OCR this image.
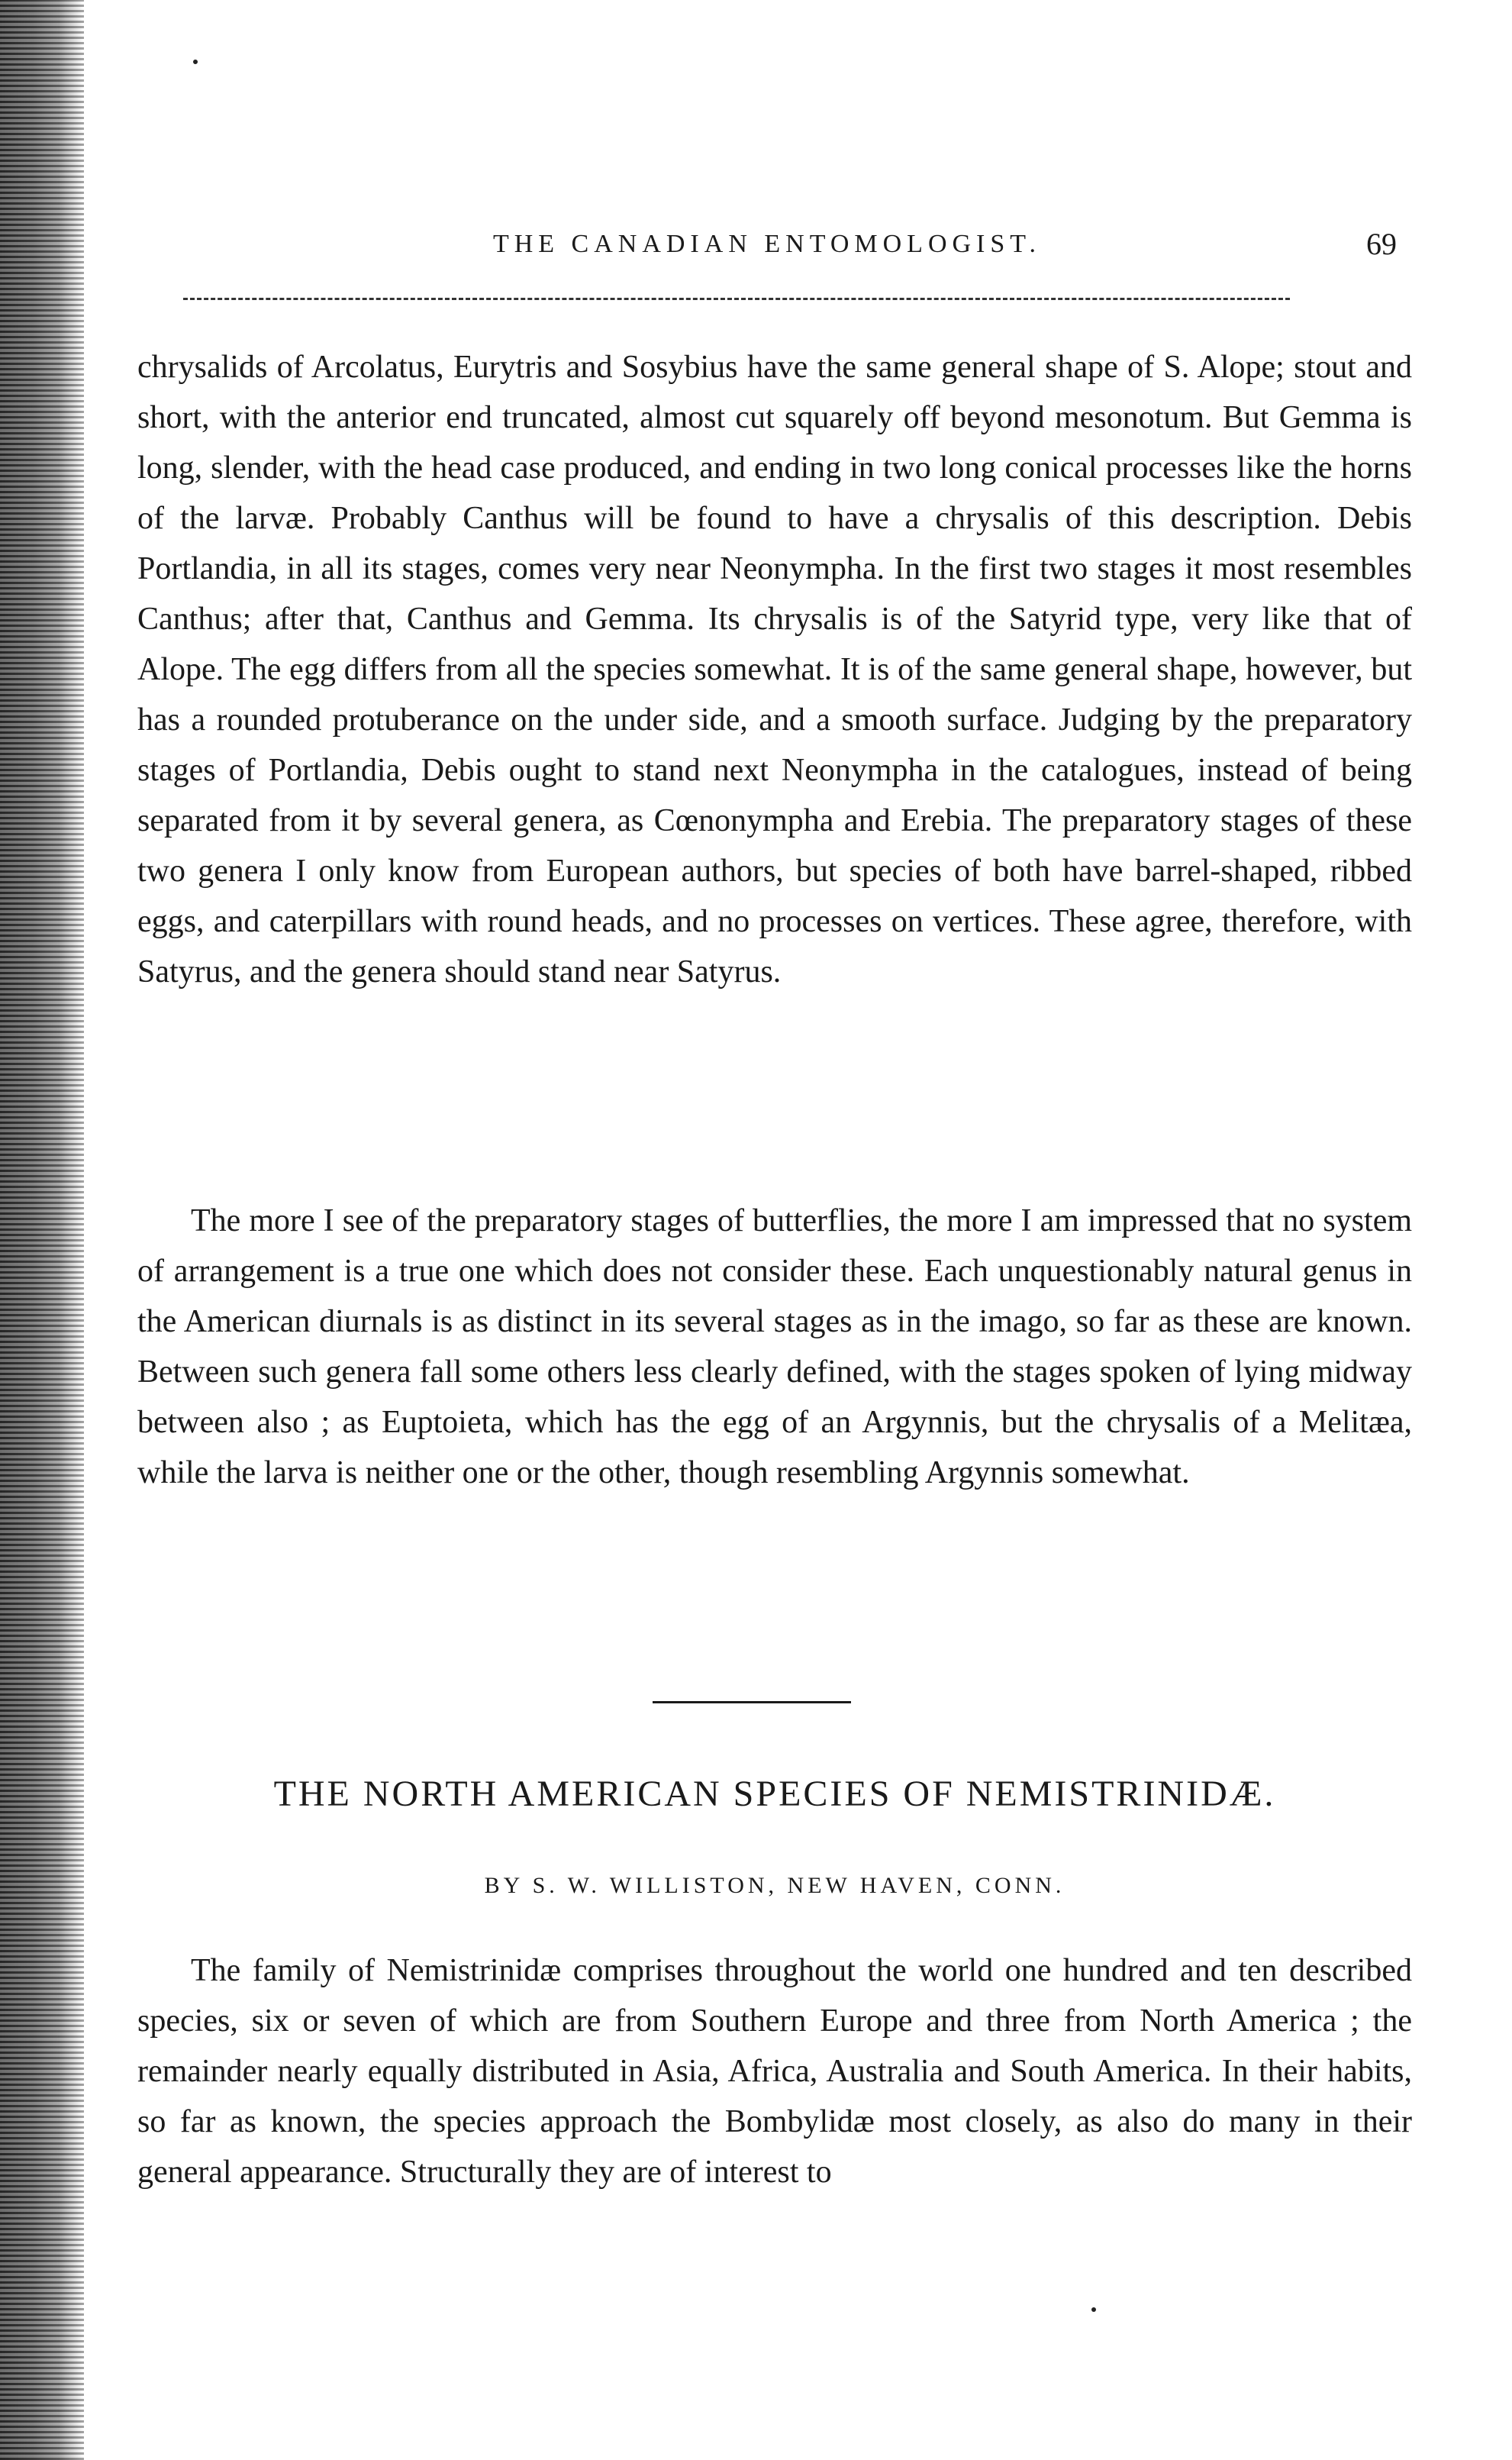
THE CANADIAN ENTOMOLOGIST.	69

chrysalids of Arcolatus, Eurytris and Sosybius have the same general shape of S. Alope; stout and short, with the anterior end truncated, almost cut squarely off beyond mesonotum. But Gemma is long, slender, with the head case produced, and ending in two long conical processes like the horns of the larvæ. Probably Canthus will be found to have a chrysalis of this description. Debis Portlandia, in all its stages, comes very near Neonympha. In the first two stages it most resembles Canthus; after that, Canthus and Gemma. Its chrysalis is of the Satyrid type, very like that of Alope. The egg differs from all the species somewhat. It is of the same general shape, however, but has a rounded protuberance on the under side, and a smooth surface. Judging by the preparatory stages of Portlandia, Debis ought to stand next Neonympha in the catalogues, instead of being separated from it by several genera, as Cœnonympha and Erebia. The preparatory stages of these two genera I only know from European authors, but species of both have barrel-shaped, ribbed eggs, and caterpillars with round heads, and no processes on vertices. These agree, therefore, with Satyrus, and the genera should stand near Satyrus.

The more I see of the preparatory stages of butterflies, the more I am impressed that no system of arrangement is a true one which does not consider these. Each unquestionably natural genus in the American diurnals is as distinct in its several stages as in the imago, so far as these are known. Between such genera fall some others less clearly defined, with the stages spoken of lying midway between also ; as Euptoieta, which has the egg of an Argynnis, but the chrysalis of a Melitæa, while the larva is neither one or the other, though resembling Argynnis somewhat.

THE NORTH AMERICAN SPECIES OF NEMISTRINIDÆ.
BY S. W. WILLISTON, NEW HAVEN, CONN.

The family of Nemistrinidæ comprises throughout the world one hundred and ten described species, six or seven of which are from Southern Europe and three from North America ; the remainder nearly equally distributed in Asia, Africa, Australia and South America. In their habits, so far as known, the species approach the Bombylidæ most closely, as also do many in their general appearance. Structurally they are of interest to
